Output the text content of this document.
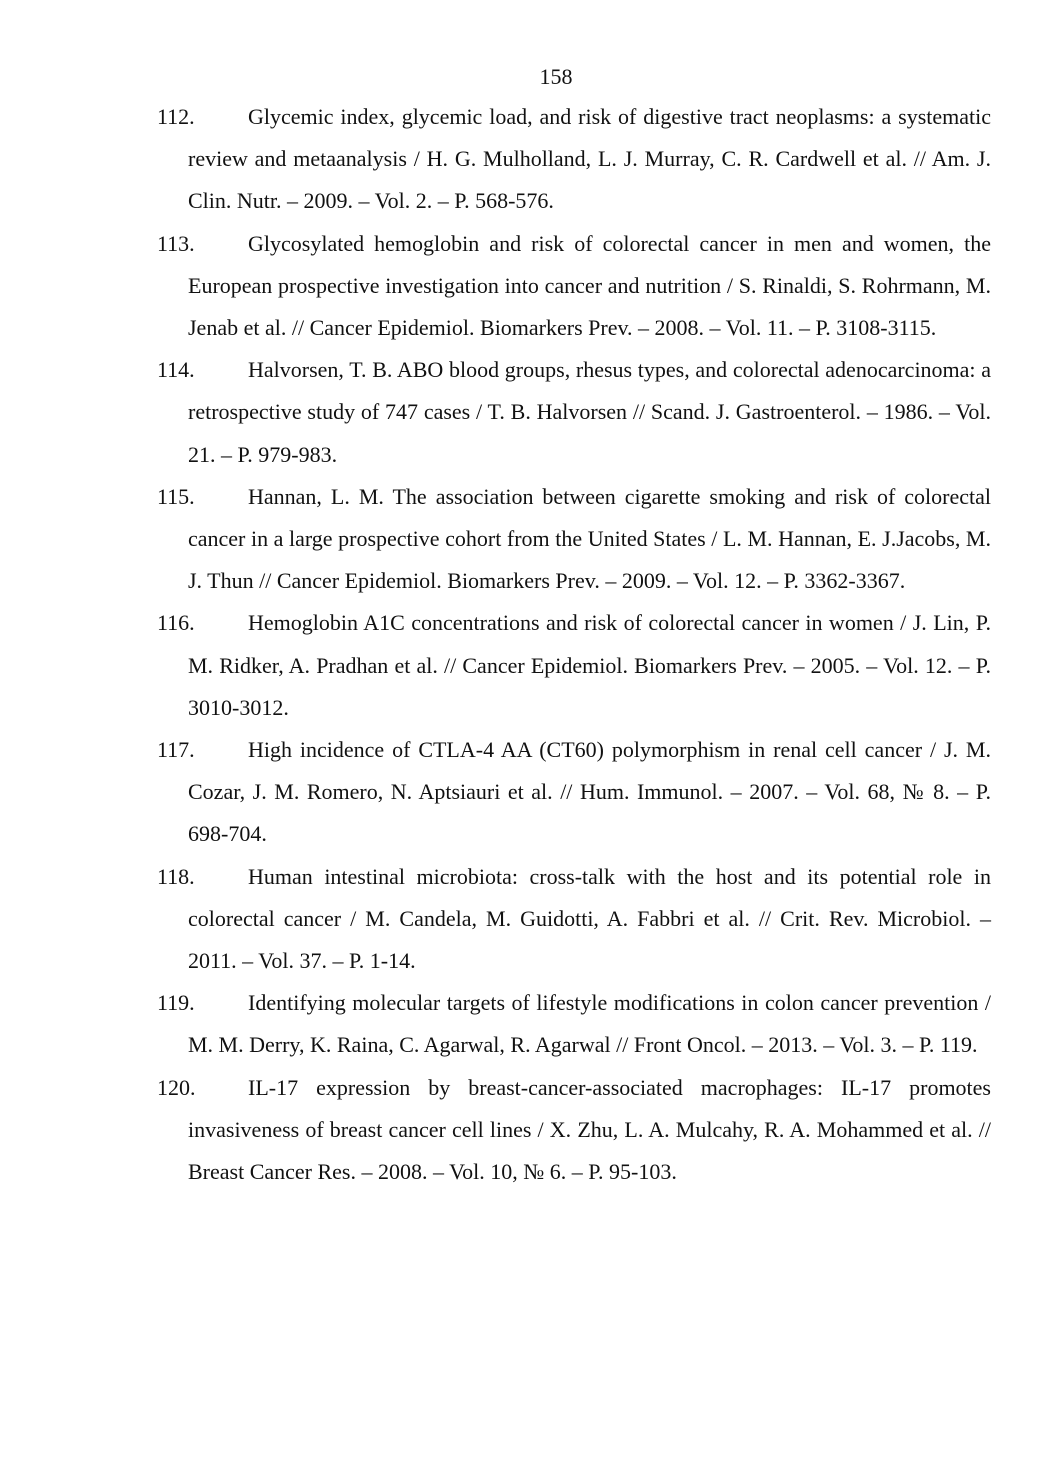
158
112. Glycemic index, glycemic load, and risk of digestive tract neoplasms: a systematic review and metaanalysis / H. G. Mulholland, L. J. Murray, C. R. Cardwell et al. // Am. J. Clin. Nutr. – 2009. – Vol. 2. – P. 568-576.
113. Glycosylated hemoglobin and risk of colorectal cancer in men and women, the European prospective investigation into cancer and nutrition / S. Rinaldi, S. Rohrmann, M. Jenab et al. // Cancer Epidemiol. Biomarkers Prev. – 2008. – Vol. 11. – P. 3108-3115.
114. Halvorsen, T. B. ABO blood groups, rhesus types, and colorectal adenocarcinoma: a retrospective study of 747 cases / T. B. Halvorsen // Scand. J. Gastroenterol. – 1986. – Vol. 21. – P. 979-983.
115. Hannan, L. M. The association between cigarette smoking and risk of colorectal cancer in a large prospective cohort from the United States / L. M. Hannan, E. J.Jacobs, M. J. Thun // Cancer Epidemiol. Biomarkers Prev. – 2009. – Vol. 12. – P. 3362-3367.
116. Hemoglobin A1C concentrations and risk of colorectal cancer in women / J. Lin, P. M. Ridker, A. Pradhan et al. // Cancer Epidemiol. Biomarkers Prev. – 2005. – Vol. 12. – P. 3010-3012.
117. High incidence of CTLA-4 AA (CT60) polymorphism in renal cell cancer / J. M. Cozar, J. M. Romero, N. Aptsiauri et al. // Hum. Immunol. – 2007. – Vol. 68, № 8. – P. 698-704.
118. Human intestinal microbiota: cross-talk with the host and its potential role in colorectal cancer / M. Candela, M. Guidotti, A. Fabbri et al. // Crit. Rev. Microbiol. – 2011. – Vol. 37. – P. 1-14.
119. Identifying molecular targets of lifestyle modifications in colon cancer prevention / M. M. Derry, K. Raina, C. Agarwal, R. Agarwal // Front Oncol. – 2013. – Vol. 3. – P. 119.
120. IL-17 expression by breast-cancer-associated macrophages: IL-17 promotes invasiveness of breast cancer cell lines / X. Zhu, L. A. Mulcahy, R. A. Mohammed et al. // Breast Cancer Res. – 2008. – Vol. 10, № 6. – P. 95-103.
